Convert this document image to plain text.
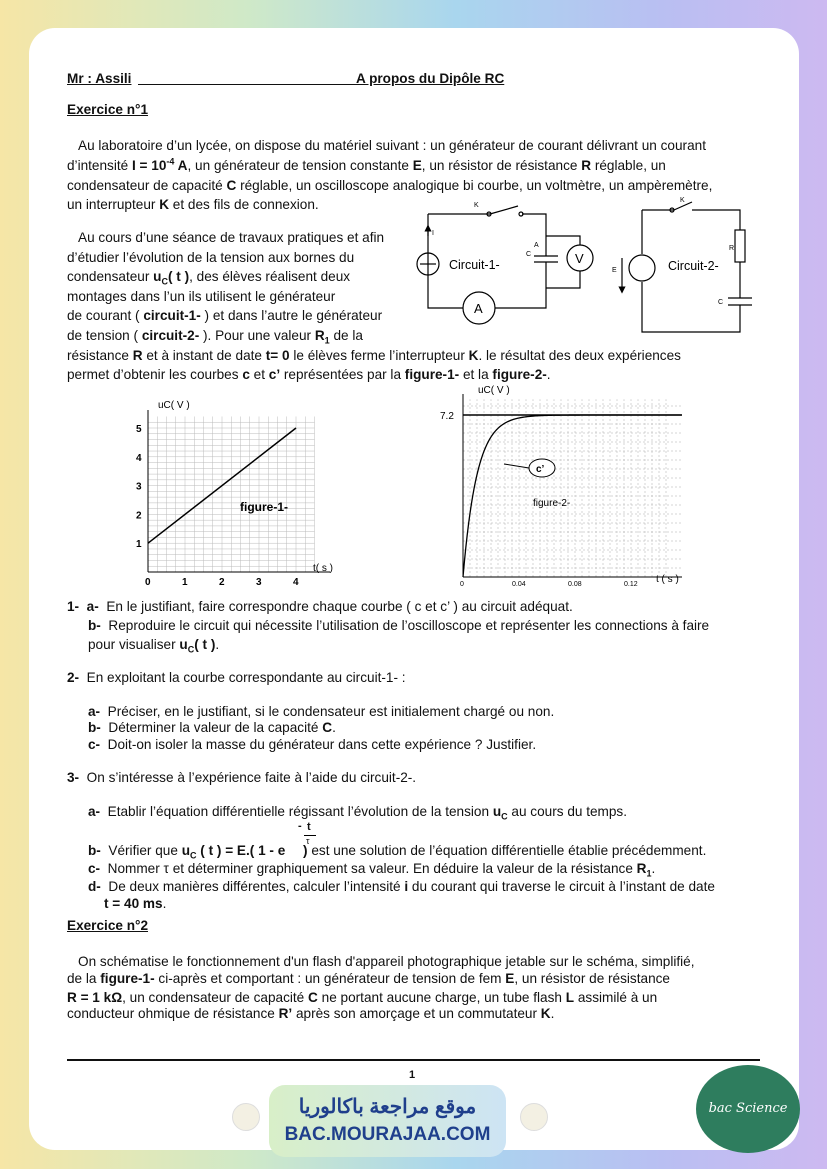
Mr : Assili	A propos du Dipôle RC
Exercice n°1
Au laboratoire d’un lycée, on dispose du matériel suivant : un générateur de courant délivrant un courant
d’intensité $I = 10^{-4}$ A, un générateur de tension constante E, un résistor de résistance R réglable, un
condensateur de capacité C réglable, un oscilloscope analogique bi courbe, un voltmètre, un ampèremètre,
un interrupteur K et des fils de connexion.
Au cours d’une séance de travaux pratiques et afin
d’étudier l’évolution de la tension aux bornes du
condensateur $u_C$( t ), des élèves réalisent deux
montages dans l’un ils utilisent le générateur
de courant ( circuit-1- ) et dans l’autre le générateur
de tension ( circuit-2- ). Pour une valeur $R_1$ de la
résistance R et à instant de date t= 0 le élèves ferme l’interrupteur K. le résultat des deux expériences
permet d’obtenir les courbes c et c’ représentées par la figure-1- et la figure-2-.
K
I
C
A
Circuit-1-	V
A
K
R
E
C
Circuit-2-
0	1	2	3	4
1
2
3
4
5
uC( V )
t( s )
figure-1-
0	0.04	0.08	0.12
7.2
uC( V )
t ( s )
figure-2-
c’
1- a- En le justifiant, faire correspondre chaque courbe ( c et c’ ) au circuit adéquat.
b- Reproduire le circuit qui nécessite l’utilisation de l’oscilloscope et représenter les connections à faire
pour visualiser $u_C$( t ).
2- En exploitant la courbe correspondante au circuit-1- :
a- Préciser, en le justifiant, si le condensateur est initialement chargé ou non.
b- Déterminer la valeur de la capacité C.
c- Doit-on isoler la masse du générateur dans cette expérience ? Justifier.
3- On s’intéresse à l’expérience faite à l’aide du circuit-2-.
a- Etablir l’équation différentielle régissant l’évolution de la tension $u_C$ au cours du temps.
- t
τ
b- Vérifier que $u_C$ ( t ) = E.( 1 - e ) est une solution de l’équation différentielle établie précédemment.
c- Nommer τ et déterminer graphiquement sa valeur. En déduire la valeur de la résistance $R_1$.
d- De deux manières différentes, calculer l’intensité i du courant qui traverse le circuit à l’instant de date
t = 40 ms.
Exercice n°2
On schématise le fonctionnement d'un flash d'appareil photographique jetable sur le schéma, simplifié,
de la figure-1- ci-après et comportant : un générateur de tension de fem E, un résistor de résistance
R = 1 kΩ, un condensateur de capacité C ne portant aucune charge, un tube flash L assimilé à un
conducteur ohmique de résistance R’ après son amorçage et un commutateur K.
1
موقع مراجعة باكالوريا
BAC.MOURAJAA.COM
bac Science
